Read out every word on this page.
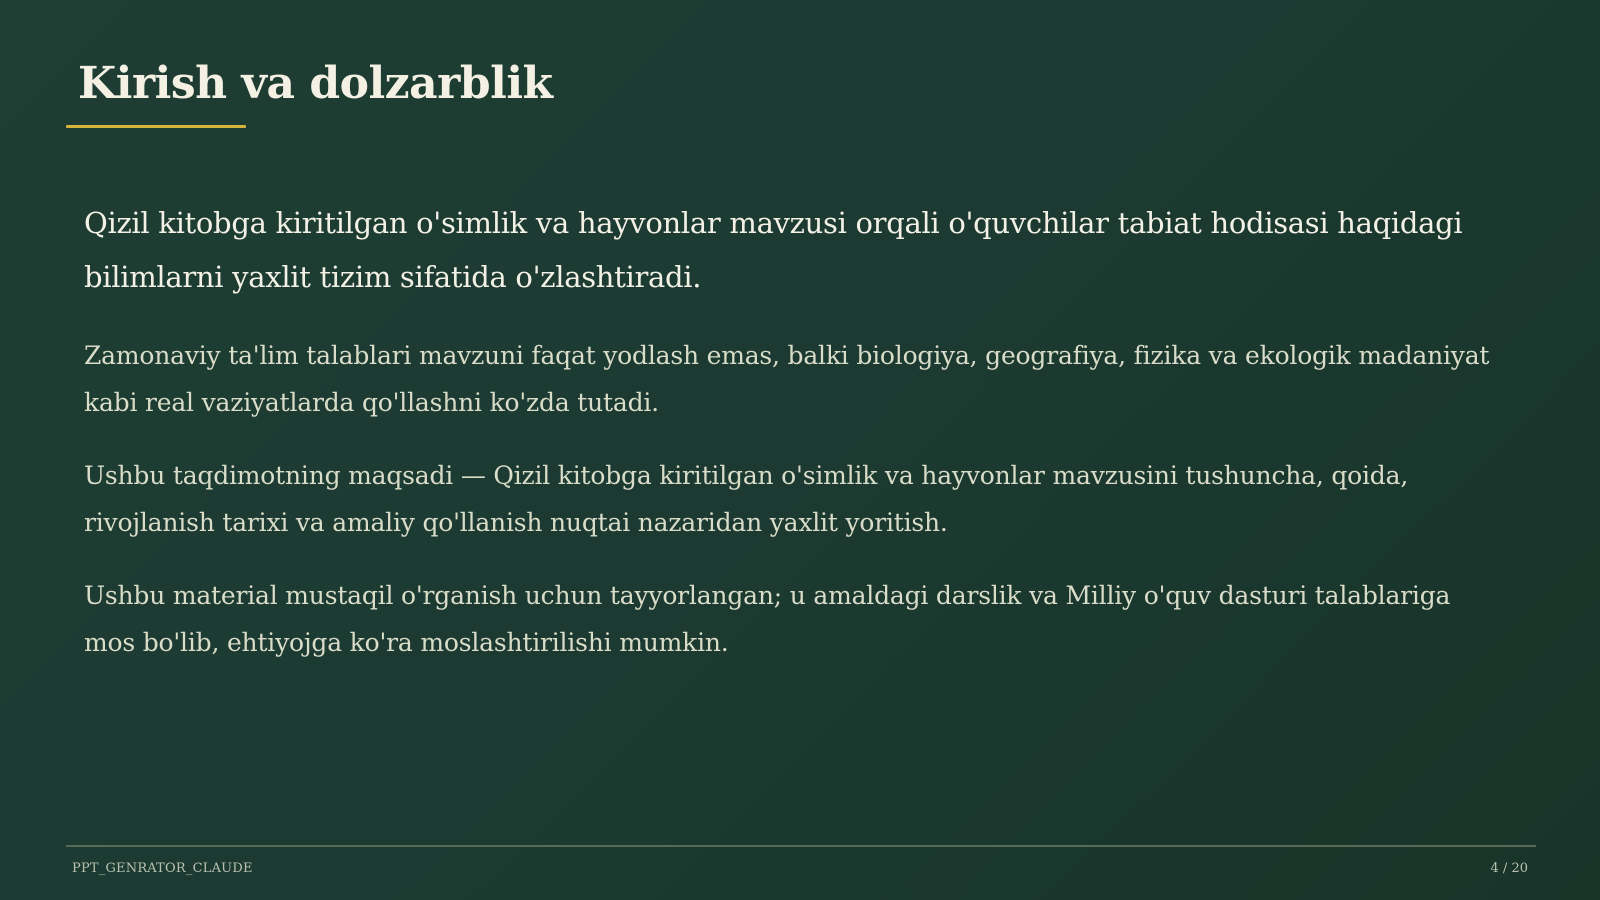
Kirish va dolzarblik

Qizil kitobga kiritilgan o'simlik va hayvonlar mavzusi orqali o'quvchilar tabiat hodisasi haqidagi bilimlarni yaxlit tizim sifatida o'zlashtiradi.

Zamonaviy ta'lim talablari mavzuni faqat yodlash emas, balki biologiya, geografiya, fizika va ekologik madaniyat kabi real vaziyatlarda qo'llashni ko'zda tutadi.

Ushbu taqdimotning maqsadi — Qizil kitobga kiritilgan o'simlik va hayvonlar mavzusini tushuncha, qoida, rivojlanish tarixi va amaliy qo'llanish nuqtai nazaridan yaxlit yoritish.

Ushbu material mustaqil o'rganish uchun tayyorlangan; u amaldagi darslik va Milliy o'quv dasturi talablariga mos bo'lib, ehtiyojga ko'ra moslashtirilishi mumkin.

PPT_GENRATOR_CLAUDE	4 / 20
